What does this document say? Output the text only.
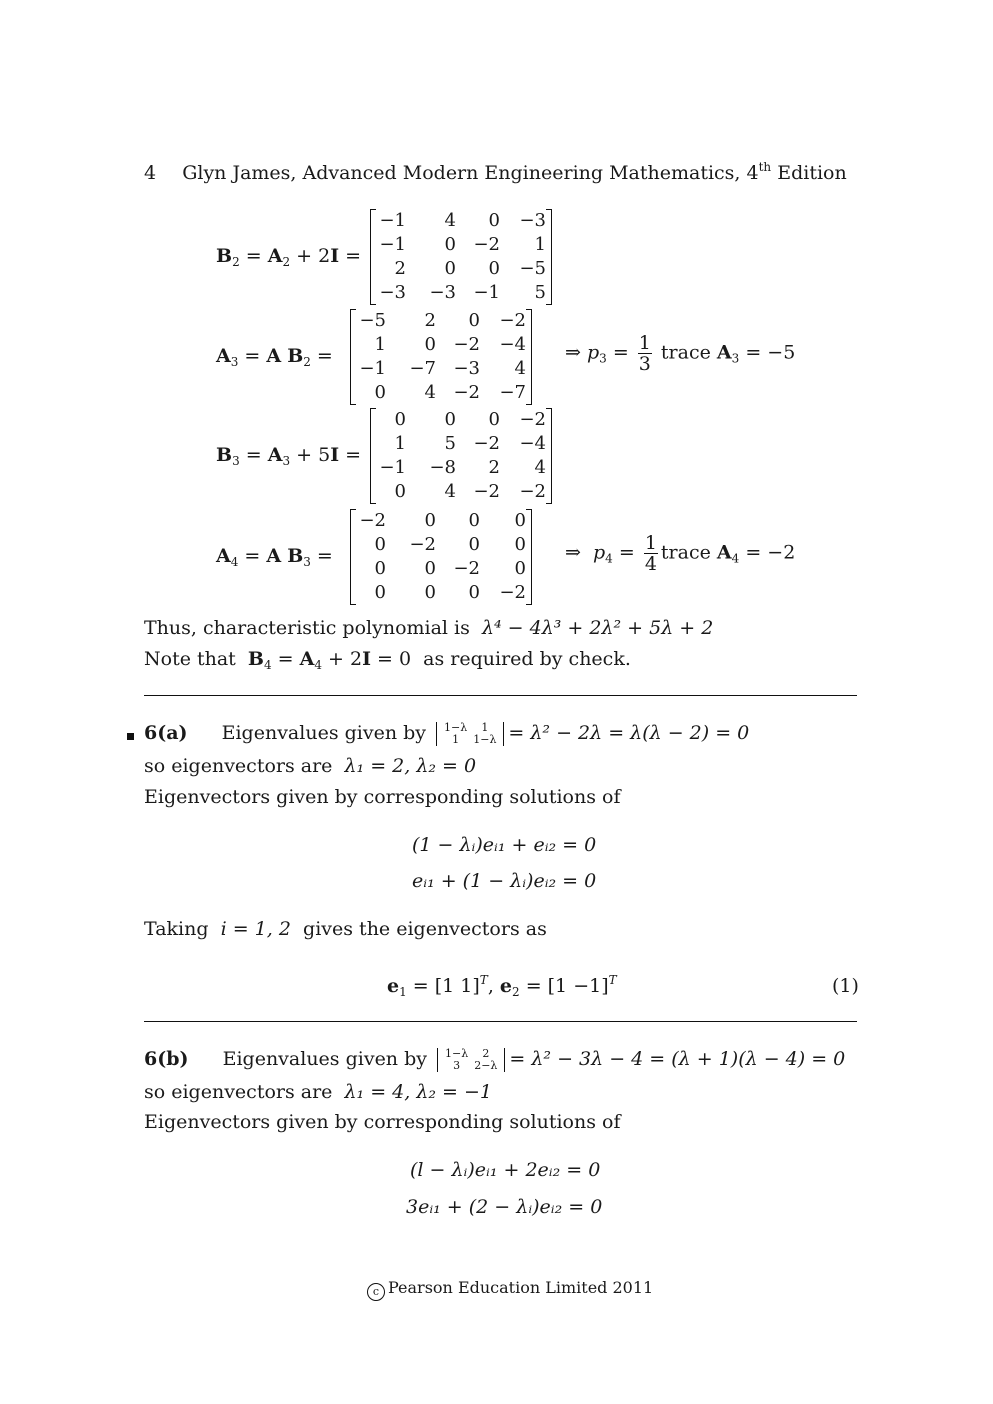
4 Glyn James, Advanced Modern Engineering Mathematics, 4th Edition
$B_2 = A_2 + 2I$ =
−1	4	0	−3
−1	0	−2	1
2	0	0	−5
−3	−3	−1	5
$A_3 = A$ $B_2$ =
−5	2	0	−2
1	0	−2	−4
−1	−7	−3	4
0	4	−2	−7
⇒ $p_3 = \frac{1}{3}$ trace $A_3 = -5$
$B_3 = A_3 + 5I$ =
0	0	0	−2
1	5	−2	−4
−1	−8	2	4
0	4	−2	−2
$A_4 = A$ $B_3$ =
−2	0	0	0
0	−2	0	0
0	0	−2	0
0	0	0	−2
⇒  $p_4 = \frac{1}{4}$ trace $A_4 = -2$
Thus, characteristic polynomial is λ⁴ − 4λ³ + 2λ² + 5λ + 2
Note that $B_4 = A_4 + 2I = 0$  as required by check.
6(a) Eigenvalues given by 1−λ	1
1	1−λ = λ² − 2λ = λ(λ − 2) = 0
so eigenvectors are λ₁ = 2, λ₂ = 0
Eigenvectors given by corresponding solutions of
(1 − λᵢ)eᵢ₁ + eᵢ₂ = 0
eᵢ₁ + (1 − λᵢ)eᵢ₂ = 0
Taking i = 1, 2 gives the eigenvectors as
$e_1 = [1$ 1]$^T$, $e_2 = [1 -1]^T$	(1)
6(b) Eigenvalues given by 1−λ	2
3	2−λ = λ² − 3λ − 4 = (λ + 1)(λ − 4) = 0
so eigenvectors are λ₁ = 4, λ₂ = −1
Eigenvectors given by corresponding solutions of
(l − λᵢ)eᵢ₁ + 2eᵢ₂ = 0
3eᵢ₁ + (2 − λᵢ)eᵢ₂ = 0
c Pearson Education Limited 2011
